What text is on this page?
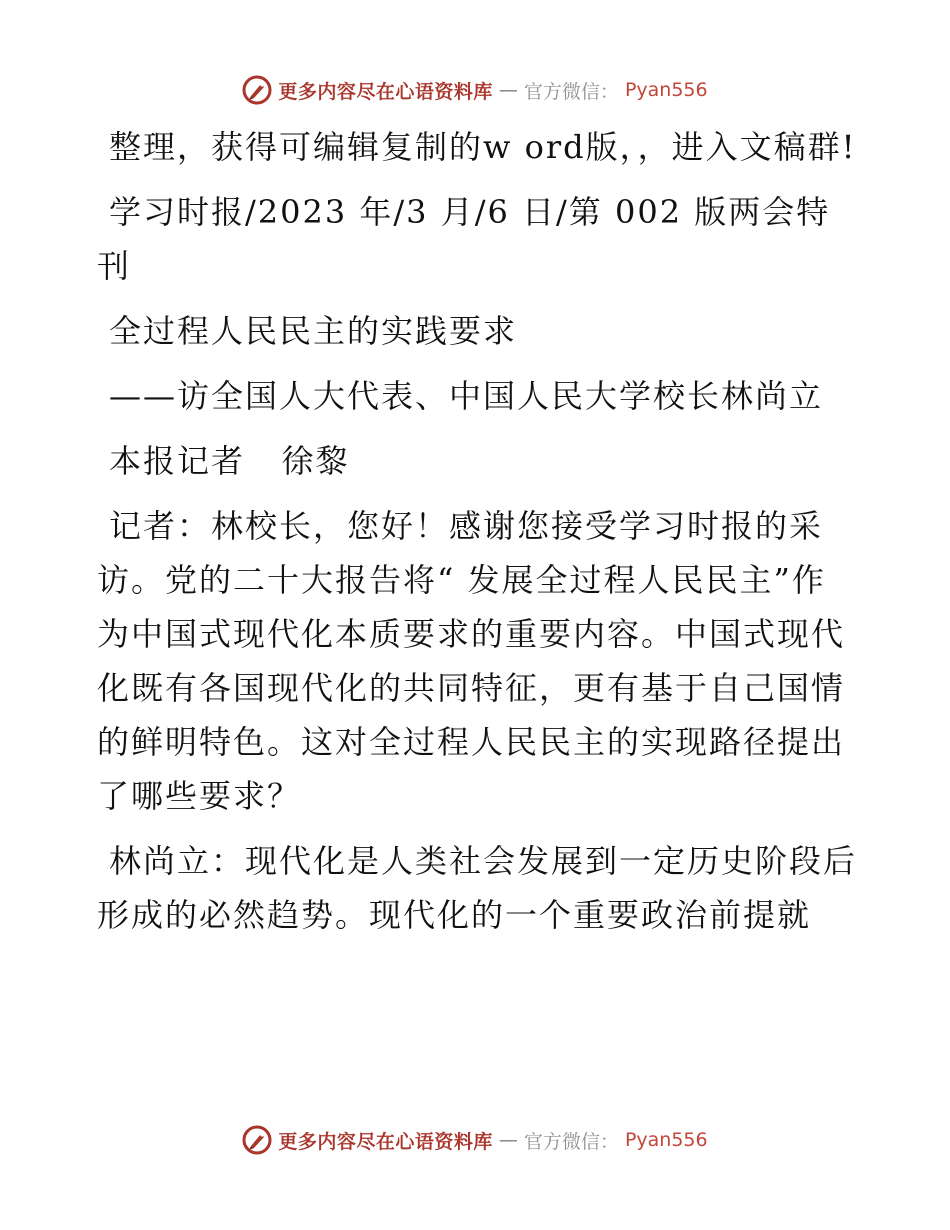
更多内容尽在心语资料库 — 官方微信： Pyan556

整理，获得可编辑复制的w ord版，，进入文稿群!

学习时报/2023 年/3 月/6 日/第 002 版两会特刊

全过程人民民主的实践要求

——访全国人大代表、中国人民大学校长林尚立

本报记者   徐黎

记者：林校长，您好！感谢您接受学习时报的采访。党的二十大报告将“ 发展全过程人民民主”作为中国式现代化本质要求的重要内容。中国式现代化既有各国现代化的共同特征，更有基于自己国情的鲜明特色。这对全过程人民民主的实现路径提出了哪些要求？

林尚立：现代化是人类社会发展到一定历史阶段后形成的必然趋势。现代化的一个重要政治前提就

更多内容尽在心语资料库 — 官方微信： Pyan556
